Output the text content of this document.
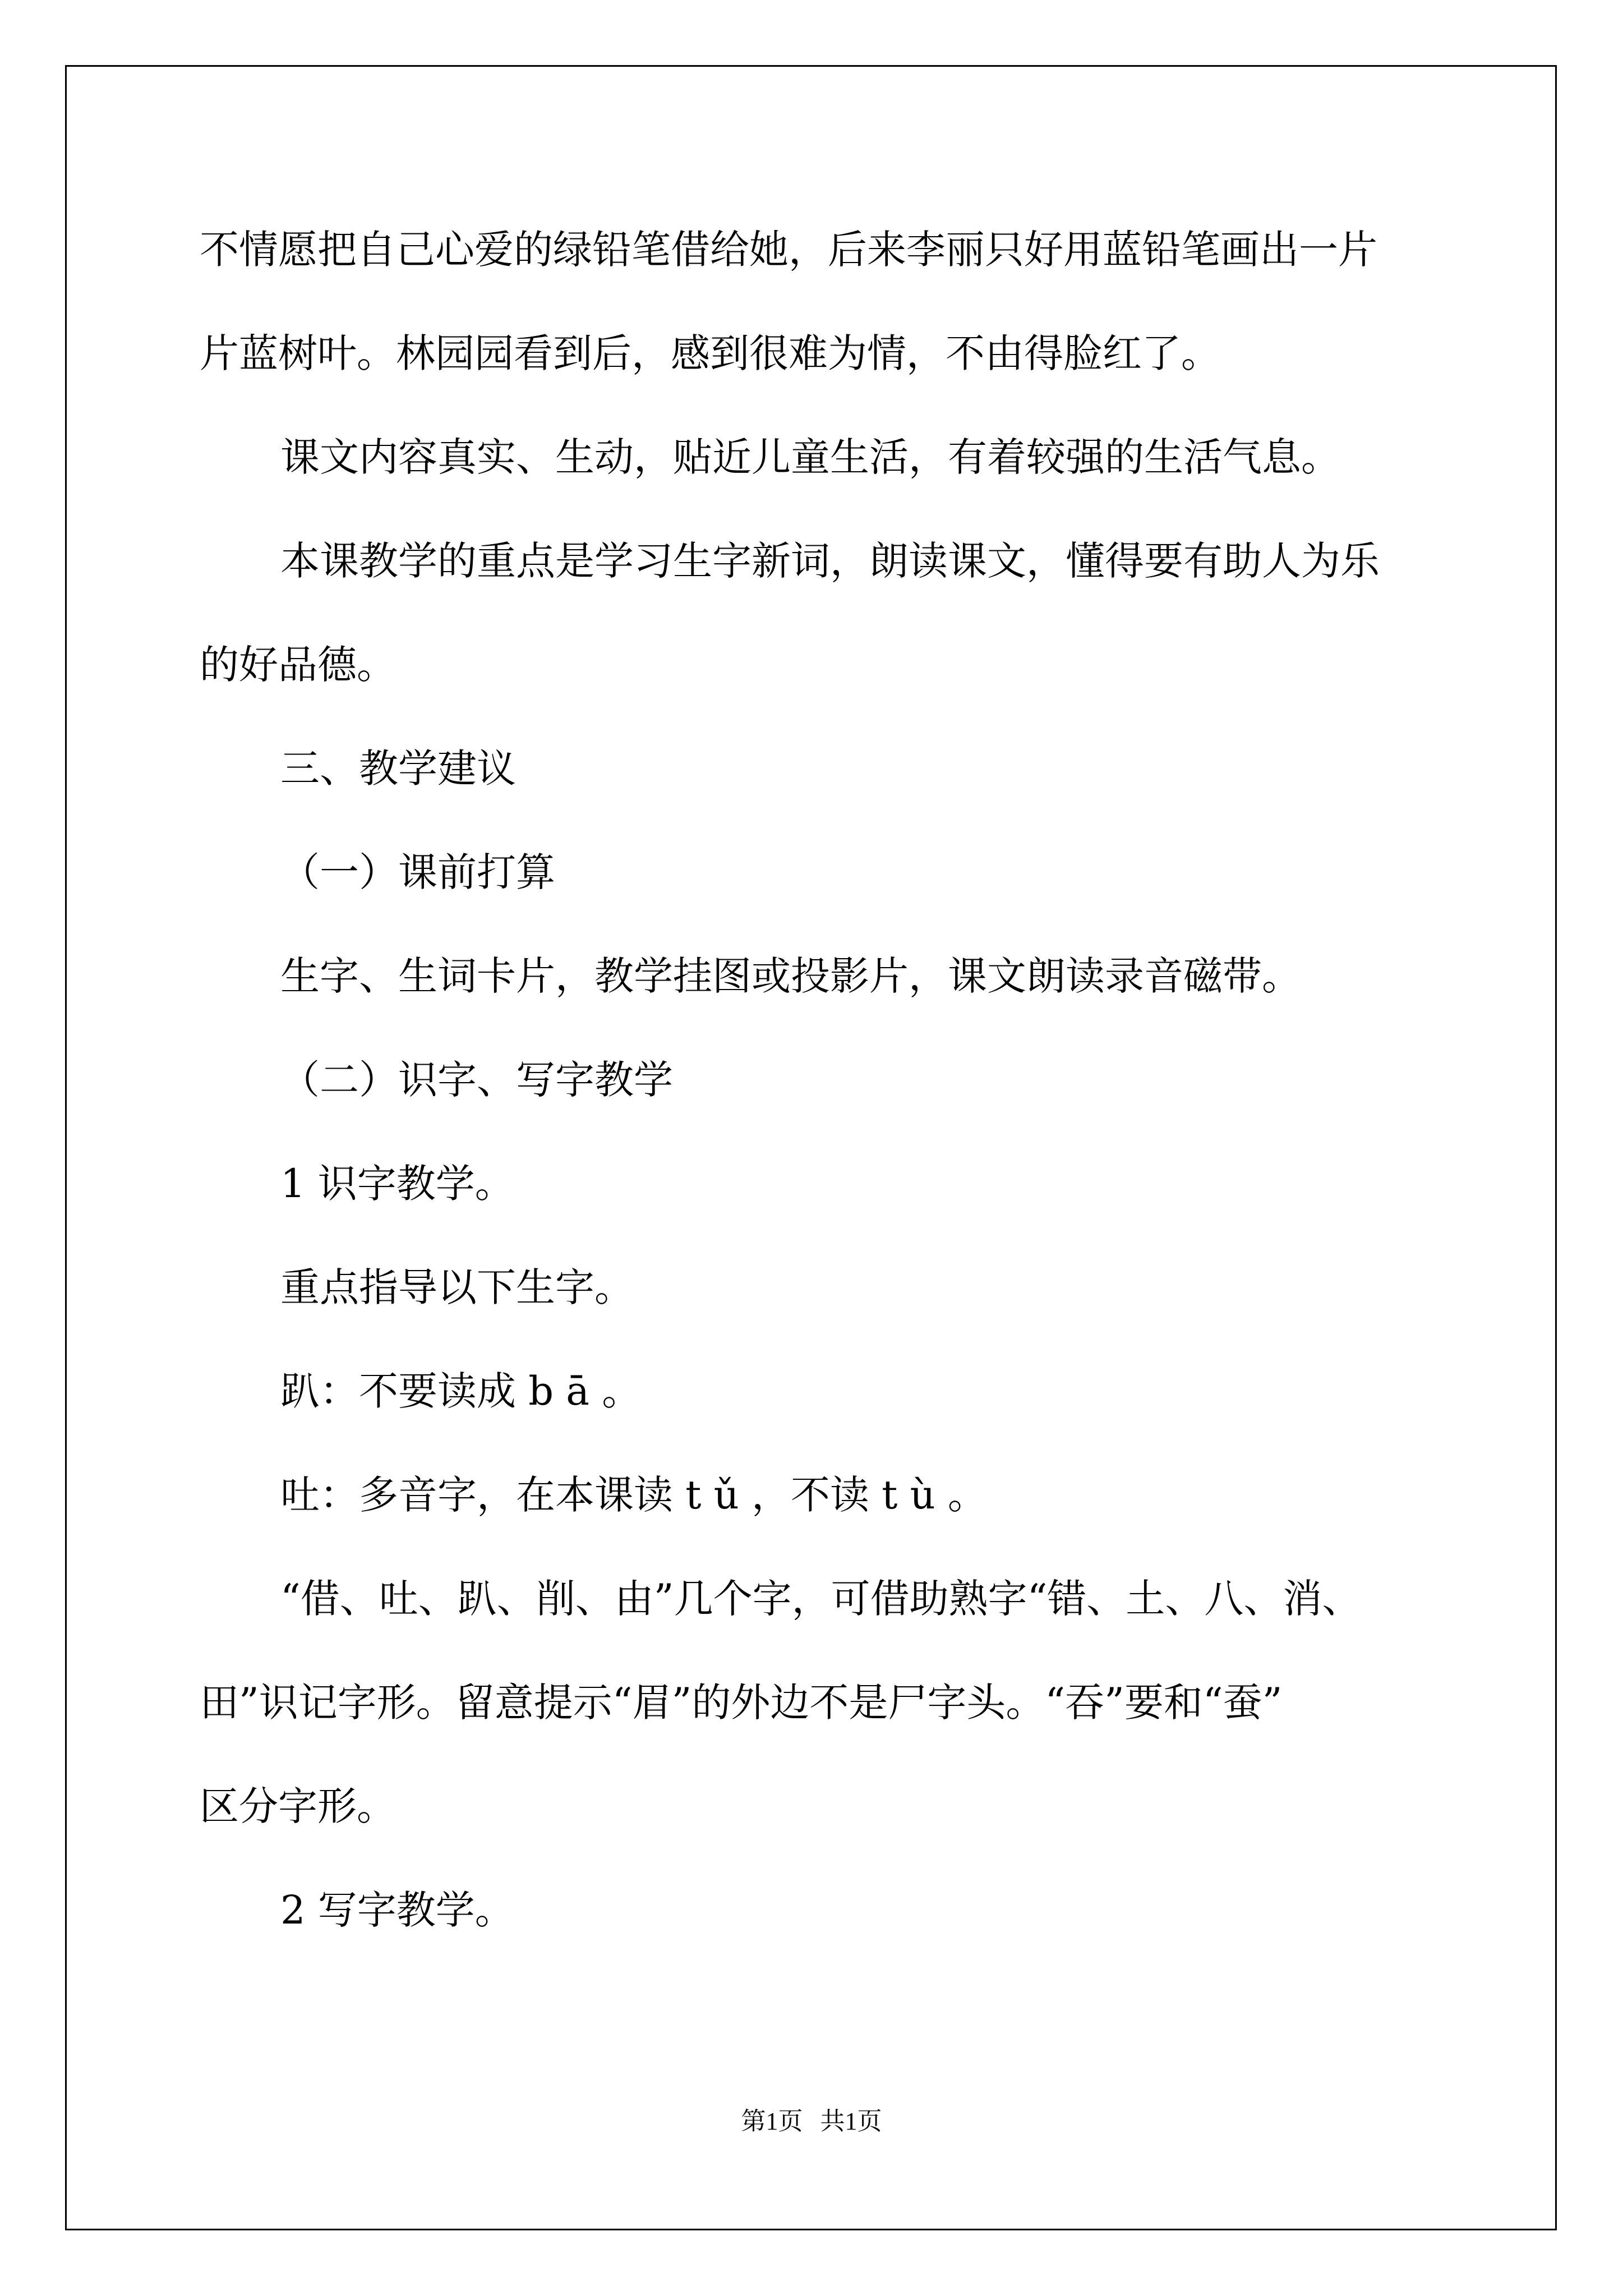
不情愿把自己心爱的绿铅笔借给她，后来李丽只好用蓝铅笔画出一片

片蓝树叶。林园园看到后，感到很难为情，不由得脸红了。

课文内容真实、生动，贴近儿童生活，有着较强的生活气息。

本课教学的重点是学习生字新词，朗读课文，懂得要有助人为乐

的好品德。

三、教学建议

（一）课前打算

生字、生词卡片，教学挂图或投影片，课文朗读录音磁带。

（二）识字、写字教学

1 识字教学。

重点指导以下生字。

趴：不要读成 b ā 。

吐：多音字，在本课读 t ǔ ，不读 t ù 。

“借、吐、趴、削、由”几个字，可借助熟字“错、土、八、消、

田”识记字形。留意提示“眉”的外边不是尸字头。“吞”要和“蚕”

区分字形。

2 写字教学。

第1页 共1页
